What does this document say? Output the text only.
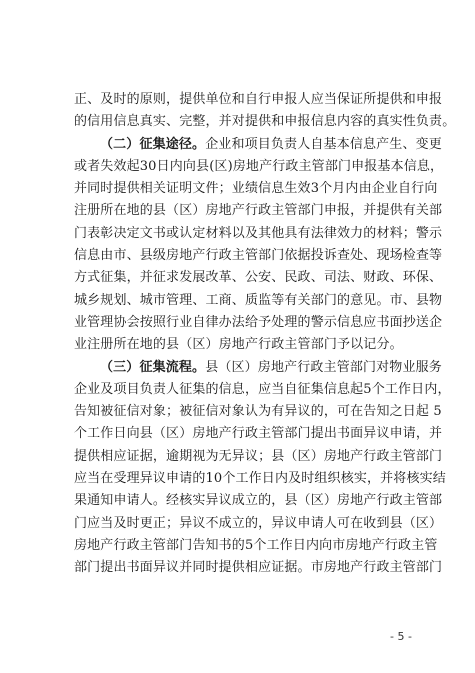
正、及时的原则，提供单位和自行申报人应当保证所提供和申报
的信用信息真实、完整，并对提供和申报信息内容的真实性负责。
（二）征集途径。企业和项目负责人自基本信息产生、变更
或者失效起30日内向县(区)房地产行政主管部门申报基本信息，
并同时提供相关证明文件；业绩信息生效3个月内由企业自行向
注册所在地的县（区）房地产行政主管部门申报，并提供有关部
门表彰决定文书或认定材料以及其他具有法律效力的材料；警示
信息由市、县级房地产行政主管部门依据投诉查处、现场检查等
方式征集，并征求发展改革、公安、民政、司法、财政、环保、
城乡规划、城市管理、工商、质监等有关部门的意见。市、县物
业管理协会按照行业自律办法给予处理的警示信息应书面抄送企
业注册所在地的县（区）房地产行政主管部门予以记分。
（三）征集流程。县（区）房地产行政主管部门对物业服务
企业及项目负责人征集的信息，应当自征集信息起5个工作日内，
告知被征信对象；被征信对象认为有异议的，可在告知之日起 5
个工作日向县（区）房地产行政主管部门提出书面异议申请，并
提供相应证据，逾期视为无异议；县（区）房地产行政主管部门
应当在受理异议申请的10个工作日内及时组织核实，并将核实结
果通知申请人。经核实异议成立的，县（区）房地产行政主管部
门应当及时更正；异议不成立的，异议申请人可在收到县（区）
房地产行政主管部门告知书的5个工作日内向市房地产行政主管
部门提出书面异议并同时提供相应证据。市房地产行政主管部门
- 5 -
